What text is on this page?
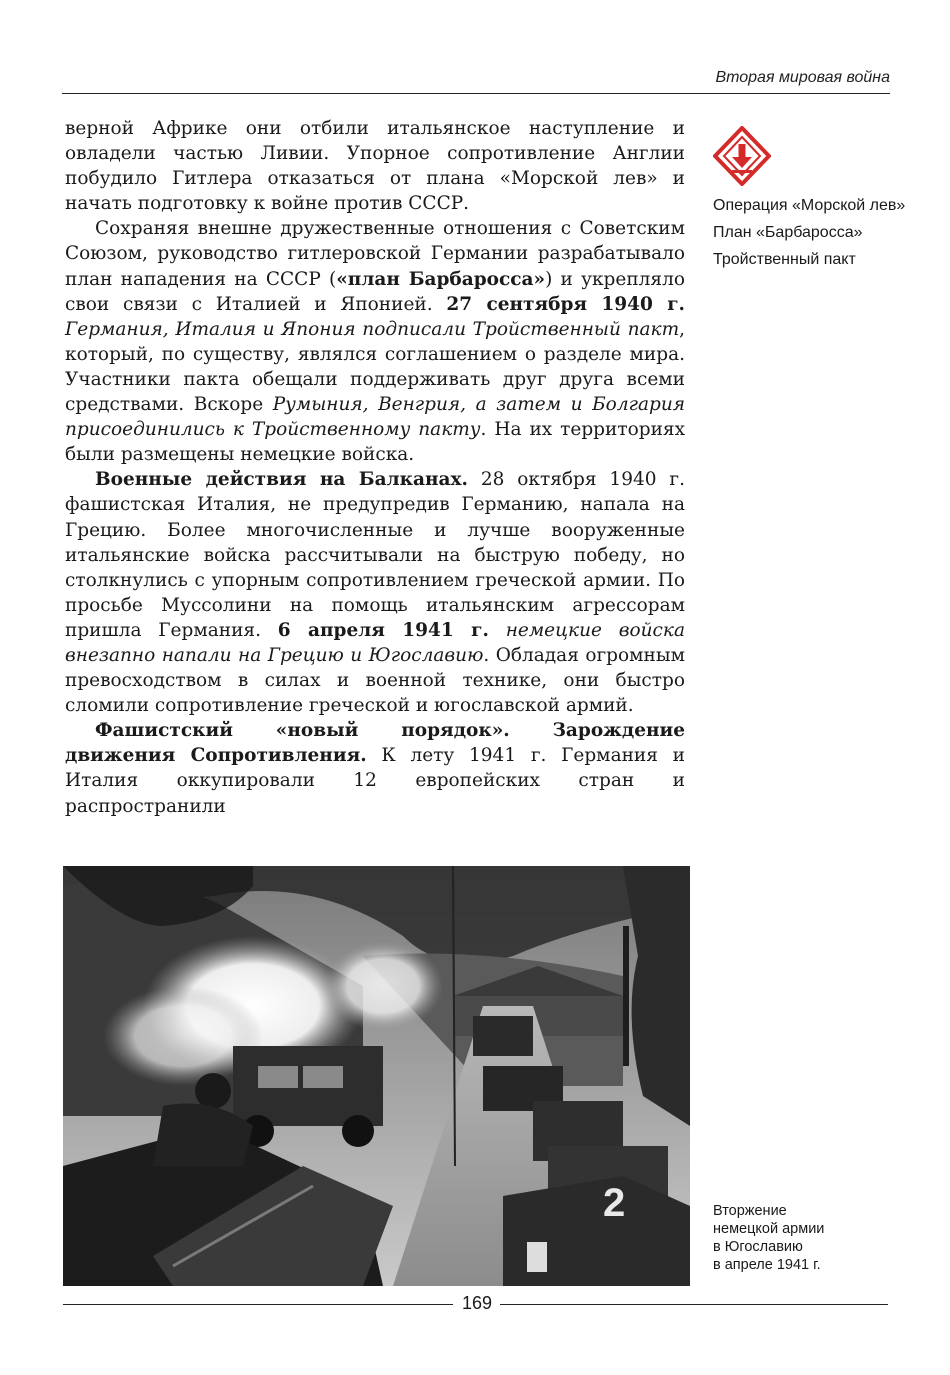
Вторая мировая война

верной Африке они отбили итальянское наступление и овладели частью Ливии. Упорное сопротивление Англии побудило Гитлера отказаться от плана «Морской лев» и начать подготовку к войне против СССР.

Сохраняя внешне дружественные отношения с Советским Союзом, руководство гитлеровской Германии разрабатывало план нападения на СССР («план Барбаросса») и укрепляло свои связи с Италией и Японией. 27 сентября 1940 г. Германия, Италия и Япония подписали Тройственный пакт, который, по существу, являлся соглашением о разделе мира. Участники пакта обещали поддерживать друг друга всеми средствами. Вскоре Румыния, Венгрия, а затем и Болгария присоединились к Тройственному пакту. На их территориях были размещены немецкие войска.

Военные действия на Балканах. 28 октября 1940 г. фашистская Италия, не предупредив Германию, напала на Грецию. Более многочисленные и лучше вооруженные итальянские войска рассчитывали на быструю победу, но столкнулись с упорным сопротивлением греческой армии. По просьбе Муссолини на помощь итальянским агрессорам пришла Германия. 6 апреля 1941 г. немецкие войска внезапно напали на Грецию и Югославию. Обладая огромным превосходством в силах и военной технике, они быстро сломили сопротивление греческой и югославской армий.

Фашистский «новый порядок». Зарождение движения Сопротивления. К лету 1941 г. Германия и Италия оккупировали 12 европейских стран и распространили

Операция «Морской лев»
План «Барбаросса»
Тройственный пакт
2	Вторжение
немецкой армии
в Югославию
в апреле 1941 г.
169
